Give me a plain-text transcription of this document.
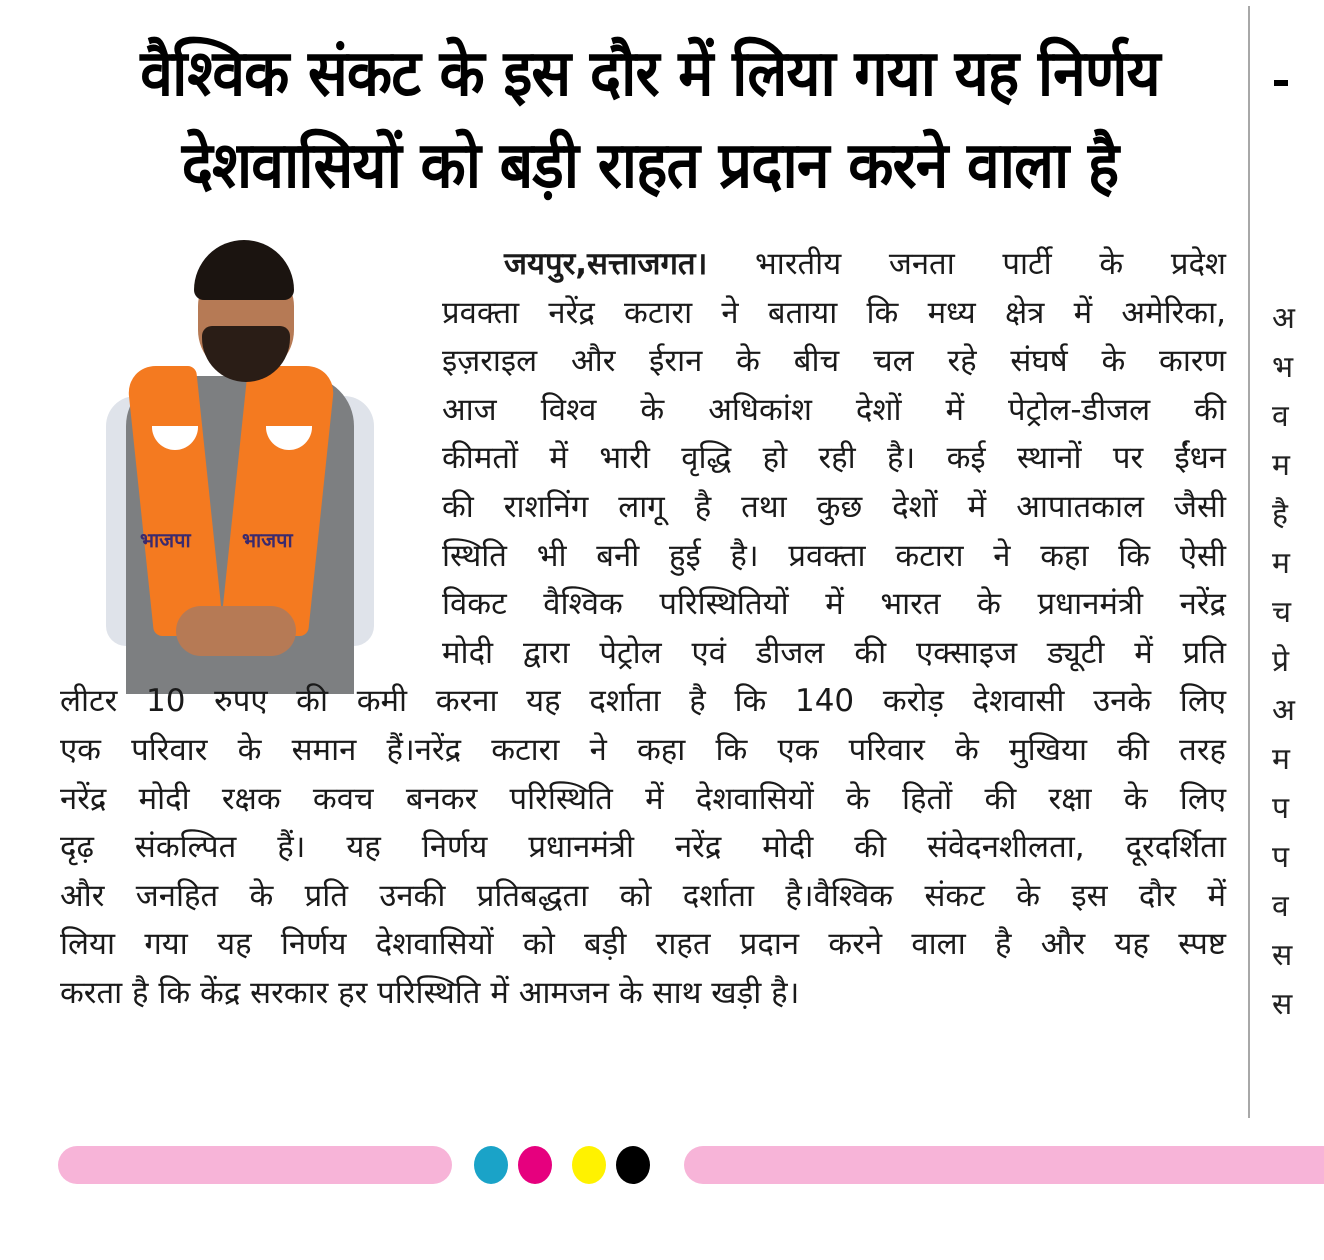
वैश्विक संकट के इस दौर में लिया गया यह निर्णय
देशवासियों को बड़ी राहत प्रदान करने वाला है
भाजपा	भाजपा
जयपुर,सत्ताजगत। भारतीय जनता पार्टी के प्रदेश
प्रवक्ता नरेंद्र कटारा ने बताया कि मध्य क्षेत्र में अमेरिका,
इज़राइल और ईरान के बीच चल रहे संघर्ष के कारण
आज विश्व के अधिकांश देशों में पेट्रोल-डीजल की
कीमतों में भारी वृद्धि हो रही है। कई स्थानों पर ईंधन
की राशनिंग लागू है तथा कुछ देशों में आपातकाल जैसी
स्थिति भी बनी हुई है। प्रवक्ता कटारा ने कहा कि ऐसी
विकट वैश्विक परिस्थितियों में भारत के प्रधानमंत्री नरेंद्र
मोदी द्वारा पेट्रोल एवं डीजल की एक्साइज ड्यूटी में प्रति
लीटर 10 रुपए की कमी करना यह दर्शाता है कि 140 करोड़ देशवासी उनके लिए
एक परिवार के समान हैं।नरेंद्र कटारा ने कहा कि एक परिवार के मुखिया की तरह
नरेंद्र मोदी रक्षक कवच बनकर परिस्थिति में देशवासियों के हितों की रक्षा के लिए
दृढ़ संकल्पित हैं। यह निर्णय प्रधानमंत्री नरेंद्र मोदी की संवेदनशीलता, दूरदर्शिता
और जनहित के प्रति उनकी प्रतिबद्धता को दर्शाता है।वैश्विक संकट के इस दौर में
लिया गया यह निर्णय देशवासियों को बड़ी राहत प्रदान करने वाला है और यह स्पष्ट
करता है कि केंद्र सरकार हर परिस्थिति में आमजन के साथ खड़ी है।
अ
भ
व
म
है
म
च
प्रे
अ
म
प
प
व
स
स
